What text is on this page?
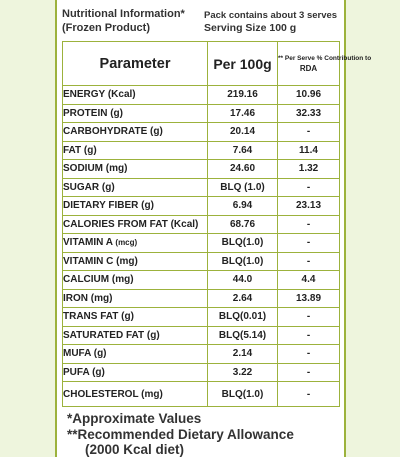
Nutritional Information*
(Frozen Product)
Pack contains about 3 serves
Serving Size 100 g
Parameter	Per 100g	** Per Serve % Contribution to
RDA

ENERGY (Kcal)	219.16	10.96
PROTEIN (g)	17.46	32.33
CARBOHYDRATE (g)	20.14	-
FAT (g)	7.64	11.4
SODIUM (mg)	24.60	1.32
SUGAR (g)	BLQ (1.0)	-
DIETARY FIBER (g)	6.94	23.13
CALORIES FROM FAT (Kcal)	68.76	-
VITAMIN A (mcg)	BLQ(1.0)	-
VITAMIN C (mg)	BLQ(1.0)	-
CALCIUM (mg)	44.0	4.4
IRON (mg)	2.64	13.89
TRANS FAT (g)	BLQ(0.01)	-
SATURATED FAT (g)	BLQ(5.14)	-
MUFA (g)	2.14	-
PUFA (g)	3.22	-
CHOLESTEROL (mg)	BLQ(1.0)	-
*Approximate Values
**Recommended Dietary Allowance
(2000 Kcal diet)
